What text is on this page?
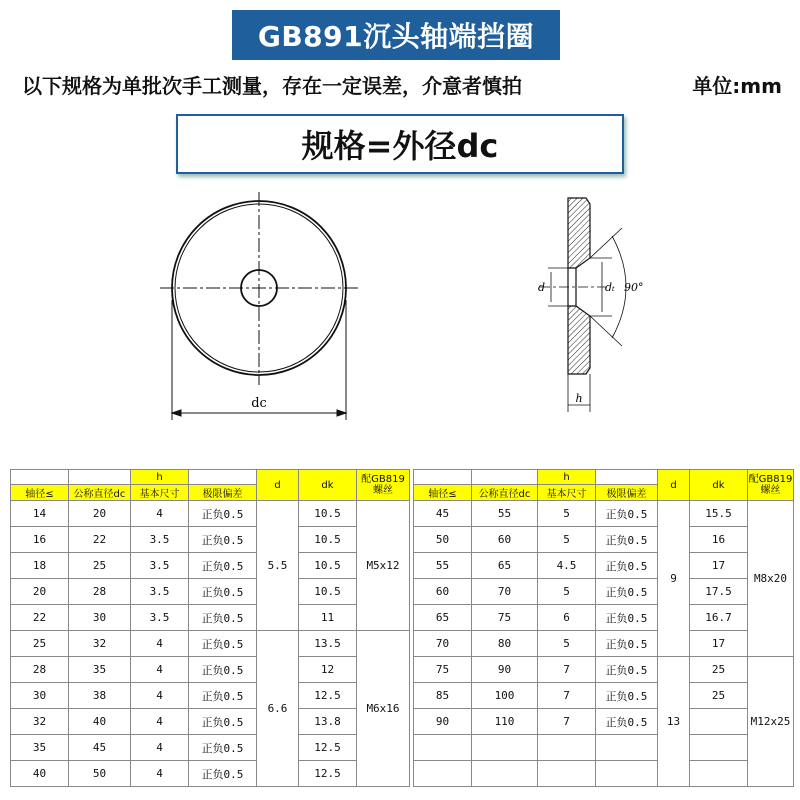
GB891沉头轴端挡圈
以下规格为单批次手工测量，存在一定误差，介意者慎拍	单位:mm
规格=外径dc
dc
d	dₜ 90°
h
		h		d	dk	配GB819
螺丝
轴径≤	公称直径dc	基本尺寸	极限偏差			
14	20	4	正负0.5	5.5	10.5	M5x12
16	22	3.5	正负0.5		10.5	
18	25	3.5	正负0.5		10.5	
20	28	3.5	正负0.5		10.5	
22	30	3.5	正负0.5		11	
25	32	4	正负0.5	6.6	13.5	M6x16
28	35	4	正负0.5		12	
30	38	4	正负0.5		12.5	
32	40	4	正负0.5		13.8	
35	45	4	正负0.5		12.5	
40	50	4	正负0.5		12.5	
		h		d	dk	配GB819
螺丝
轴径≤	公称直径dc	基本尺寸	极限偏差			
45	55	5	正负0.5	9	15.5	M8x20
50	60	5	正负0.5		16	
55	65	4.5	正负0.5		17	
60	70	5	正负0.5		17.5	
65	75	6	正负0.5		16.7	
70	80	5	正负0.5		17	
75	90	7	正负0.5	13	25	M12x25
85	100	7	正负0.5		25	
90	110	7	正负0.5			
